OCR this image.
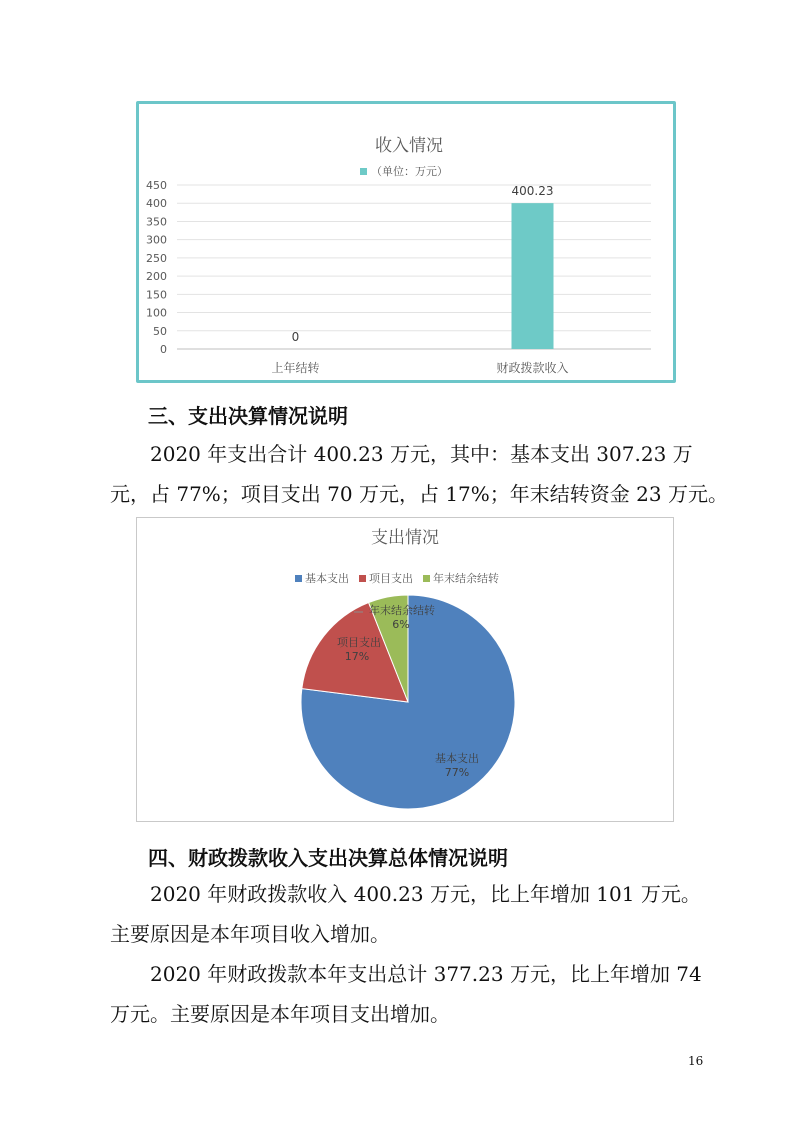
收入情况
（单位：万元）
450
400
350
300
250
200
150
100
50
0
0
400.23
上年结转	财政拨款收入
三、支出决算情况说明
2020 年支出合计 400.23 万元，其中：基本支出 307.23 万
元，占 77%；项目支出 70 万元，占 17%；年末结转资金 23 万元。
支出情况
基本支出 项目支出 年末结余结转
年末结余结转
6%
项目支出
17%
基本支出
77%
四、财政拨款收入支出决算总体情况说明
2020 年财政拨款收入 400.23 万元，比上年增加 101 万元。
主要原因是本年项目收入增加。
2020 年财政拨款本年支出总计 377.23 万元，比上年增加 74
万元。主要原因是本年项目支出增加。
16
